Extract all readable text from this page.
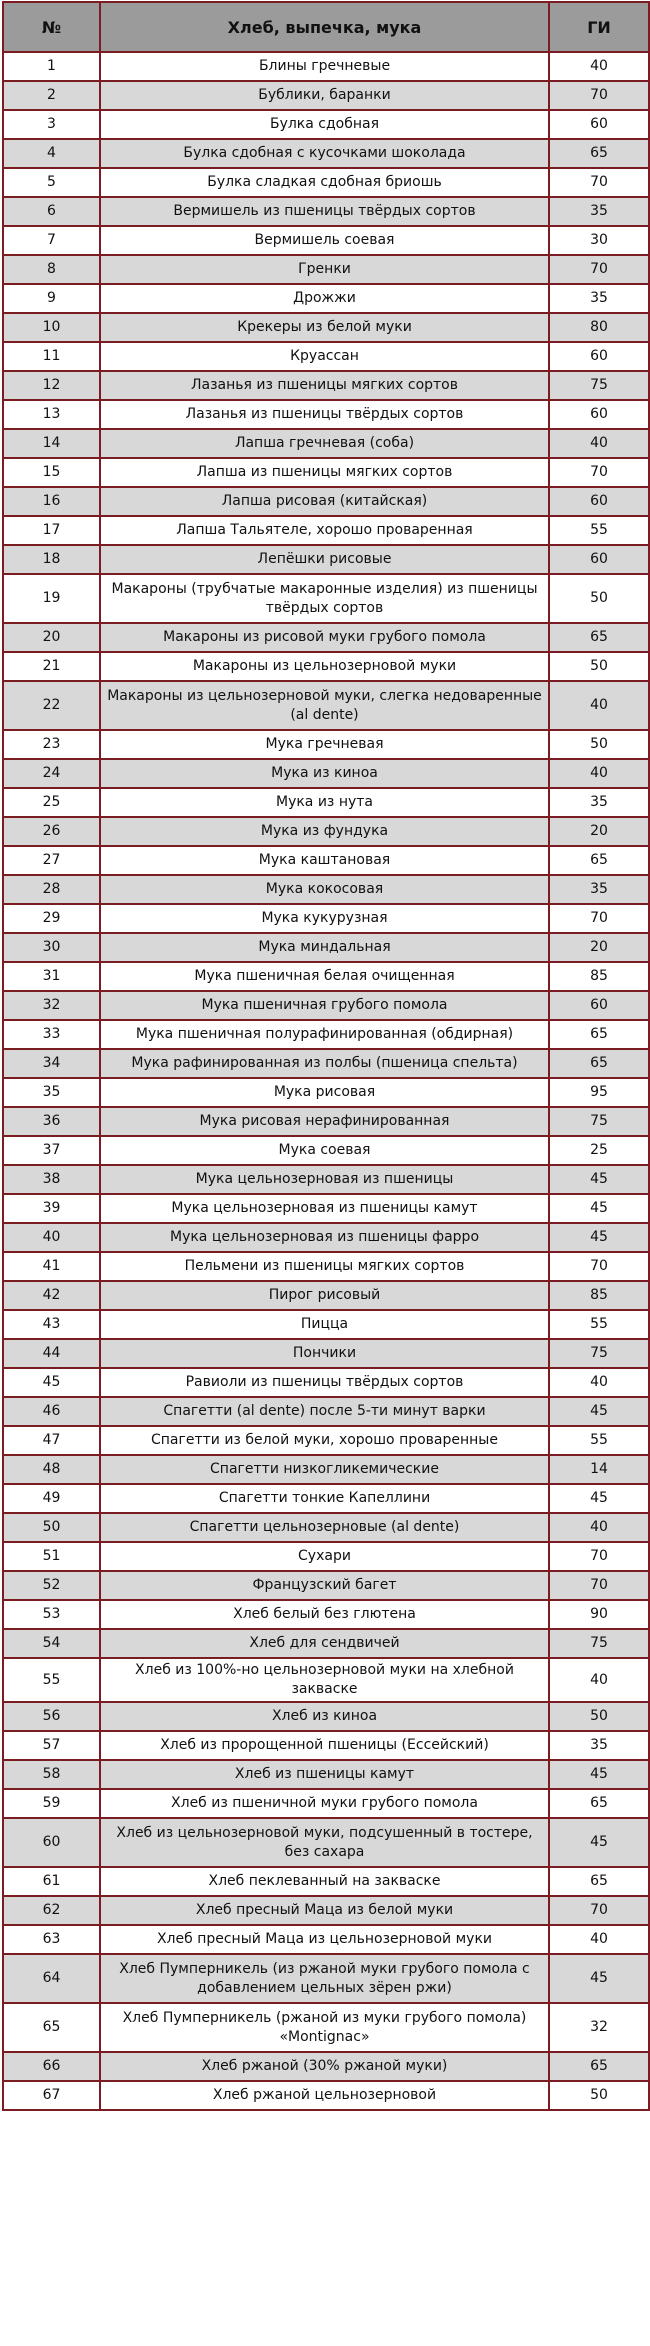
№	Хлеб, выпечка, мука	ГИ
1	Блины гречневые	40
2	Бублики, баранки	70
3	Булка сдобная	60
4	Булка сдобная с кусочками шоколада	65
5	Булка сладкая сдобная бриошь	70
6	Вермишель из пшеницы твёрдых сортов	35
7	Вермишель соевая	30
8	Гренки	70
9	Дрожжи	35
10	Крекеры из белой муки	80
11	Круассан	60
12	Лазанья из пшеницы мягких сортов	75
13	Лазанья из пшеницы твёрдых сортов	60
14	Лапша гречневая (соба)	40
15	Лапша из пшеницы мягких сортов	70
16	Лапша рисовая (китайская)	60
17	Лапша Тальятеле, хорошо проваренная	55
18	Лепёшки рисовые	60
19	Макароны (трубчатые макаронные изделия) из пшеницы твёрдых сортов	50
20	Макароны из рисовой муки грубого помола	65
21	Макароны из цельнозерновой муки	50
22	Макароны из цельнозерновой муки, слегка недоваренные (al dente)	40
23	Мука гречневая	50
24	Мука из киноа	40
25	Мука из нута	35
26	Мука из фундука	20
27	Мука каштановая	65
28	Мука кокосовая	35
29	Мука кукурузная	70
30	Мука миндальная	20
31	Мука пшеничная белая очищенная	85
32	Мука пшеничная грубого помола	60
33	Мука пшеничная полурафинированная (обдирная)	65
34	Мука рафинированная из полбы (пшеница спельта)	65
35	Мука рисовая	95
36	Мука рисовая нерафинированная	75
37	Мука соевая	25
38	Мука цельнозерновая из пшеницы	45
39	Мука цельнозерновая из пшеницы камут	45
40	Мука цельнозерновая из пшеницы фарро	45
41	Пельмени из пшеницы мягких сортов	70
42	Пирог рисовый	85
43	Пицца	55
44	Пончики	75
45	Равиоли из пшеницы твёрдых сортов	40
46	Спагетти (al dente) после 5-ти минут варки	45
47	Спагетти из белой муки, хорошо проваренные	55
48	Спагетти низкогликемические	14
49	Спагетти тонкие Капеллини	45
50	Спагетти цельнозерновые (al dente)	40
51	Сухари	70
52	Французский багет	70
53	Хлеб белый без глютена	90
54	Хлеб для сендвичей	75
55	Хлеб из 100%-но цельнозерновой муки на хлебной закваске	40
56	Хлеб из киноа	50
57	Хлеб из пророщенной пшеницы (Ессейский)	35
58	Хлеб из пшеницы камут	45
59	Хлеб из пшеничной муки грубого помола	65
60	Хлеб из цельнозерновой муки, подсушенный в тостере, без сахара	45
61	Хлеб пеклеванный на закваске	65
62	Хлеб пресный Маца из белой муки	70
63	Хлеб пресный Маца из цельнозерновой муки	40
64	Хлеб Пумперникель (из ржаной муки грубого помола с добавлением цельных зёрен ржи)	45
65	Хлеб Пумперникель (ржаной из муки грубого помола) «Montignac»	32
66	Хлеб ржаной (30% ржаной муки)	65
67	Хлеб ржаной цельнозерновой	50
